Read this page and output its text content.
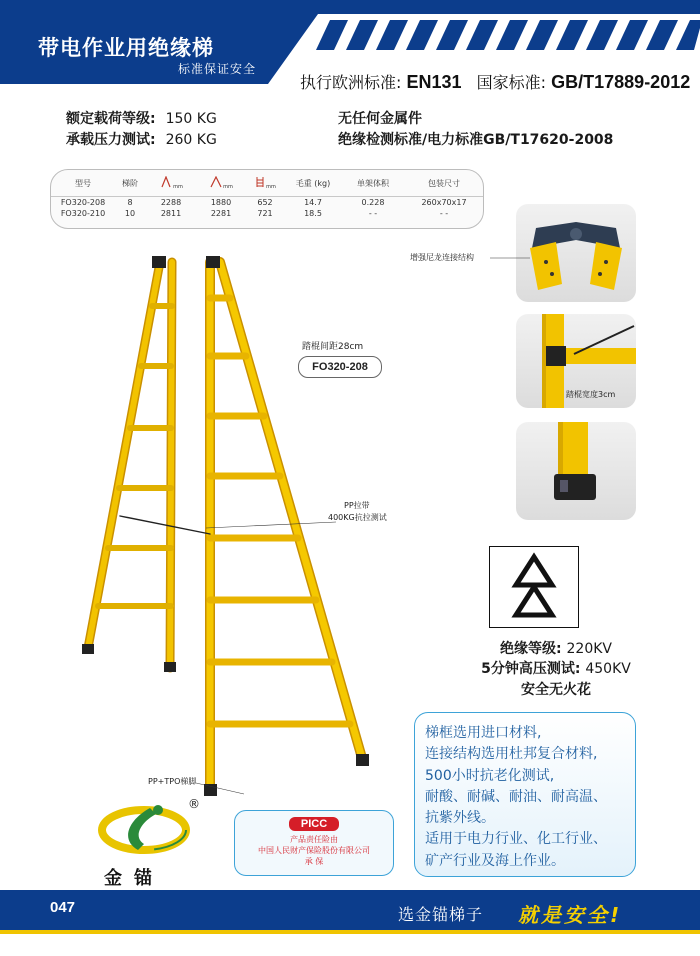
带电作业用绝缘梯
标准保证安全
执行欧洲标准: EN131 国家标准: GB/T17889-2012
额定载荷等级: 150 KG
承载压力测试: 260 KG
无任何金属件
绝缘检测标准/电力标准GB/T17620-2008
型号	梯阶	mm	mm	mm	毛重 (kg)	单架体积	包装尺寸
FO320-208	8	2288	1880	652	14.7	0.228	260x70x17
FO320-210	10	2811	2281	721	18.5	- -	- -
PP拉带
400KG抗拉测试
踏棍间距28cm
FO320-208
PP+TPO梯脚
增强尼龙连接结构
踏棍宽度3cm
绝缘等级: 220KV
5分钟高压测试: 450KV
安全无火花
梯框选用进口材料,
连接结构选用杜邦复合材料,
500小时抗老化测试,
耐酸、耐碱、耐油、耐高温、
抗紫外线。
适用于电力行业、化工行业、
矿产行业及海上作业。
PICC
产品责任险由
中国人民财产保险股份有限公司
承 保
®
金锚
047	选金锚梯子 就是安全!
